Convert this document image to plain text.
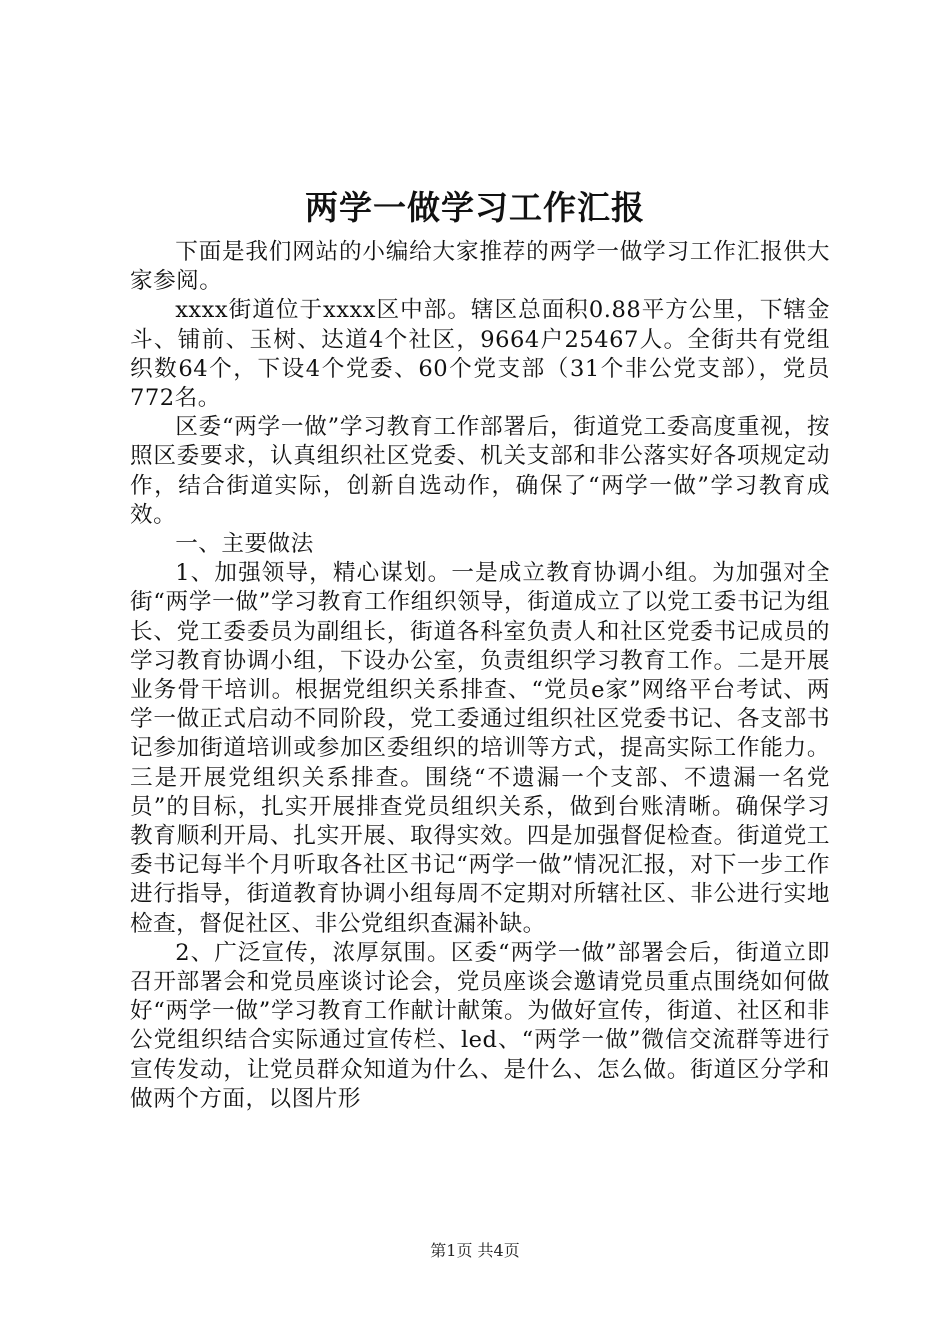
两学一做学习工作汇报

下面是我们网站的小编给大家推荐的两学一做学习工作汇报供大家参阅。

xxxx街道位于xxxx区中部。辖区总面积0.88平方公里，下辖金斗、铺前、玉树、达道4个社区，9664户25467人。全街共有党组织数64个，下设4个党委、60个党支部（31个非公党支部），党员772名。

区委“两学一做”学习教育工作部署后，街道党工委高度重视，按照区委要求，认真组织社区党委、机关支部和非公落实好各项规定动作，结合街道实际，创新自选动作，确保了“两学一做”学习教育成效。

一、主要做法

1、加强领导，精心谋划。一是成立教育协调小组。为加强对全街“两学一做”学习教育工作组织领导，街道成立了以党工委书记为组长、党工委委员为副组长，街道各科室负责人和社区党委书记成员的学习教育协调小组，下设办公室，负责组织学习教育工作。二是开展业务骨干培训。根据党组织关系排查、“党员e家”网络平台考试、两学一做正式启动不同阶段，党工委通过组织社区党委书记、各支部书记参加街道培训或参加区委组织的培训等方式，提高实际工作能力。三是开展党组织关系排查。围绕“不遗漏一个支部、不遗漏一名党员”的目标，扎实开展排查党员组织关系，做到台账清晰。确保学习教育顺利开局、扎实开展、取得实效。四是加强督促检查。街道党工委书记每半个月听取各社区书记“两学一做”情况汇报，对下一步工作进行指导，街道教育协调小组每周不定期对所辖社区、非公进行实地检查，督促社区、非公党组织查漏补缺。

2、广泛宣传，浓厚氛围。区委“两学一做”部署会后，街道立即召开部署会和党员座谈讨论会，党员座谈会邀请党员重点围绕如何做好“两学一做”学习教育工作献计献策。为做好宣传，街道、社区和非公党组织结合实际通过宣传栏、led、“两学一做”微信交流群等进行宣传发动，让党员群众知道为什么、是什么、怎么做。街道区分学和做两个方面，以图片形

第1页 共4页
